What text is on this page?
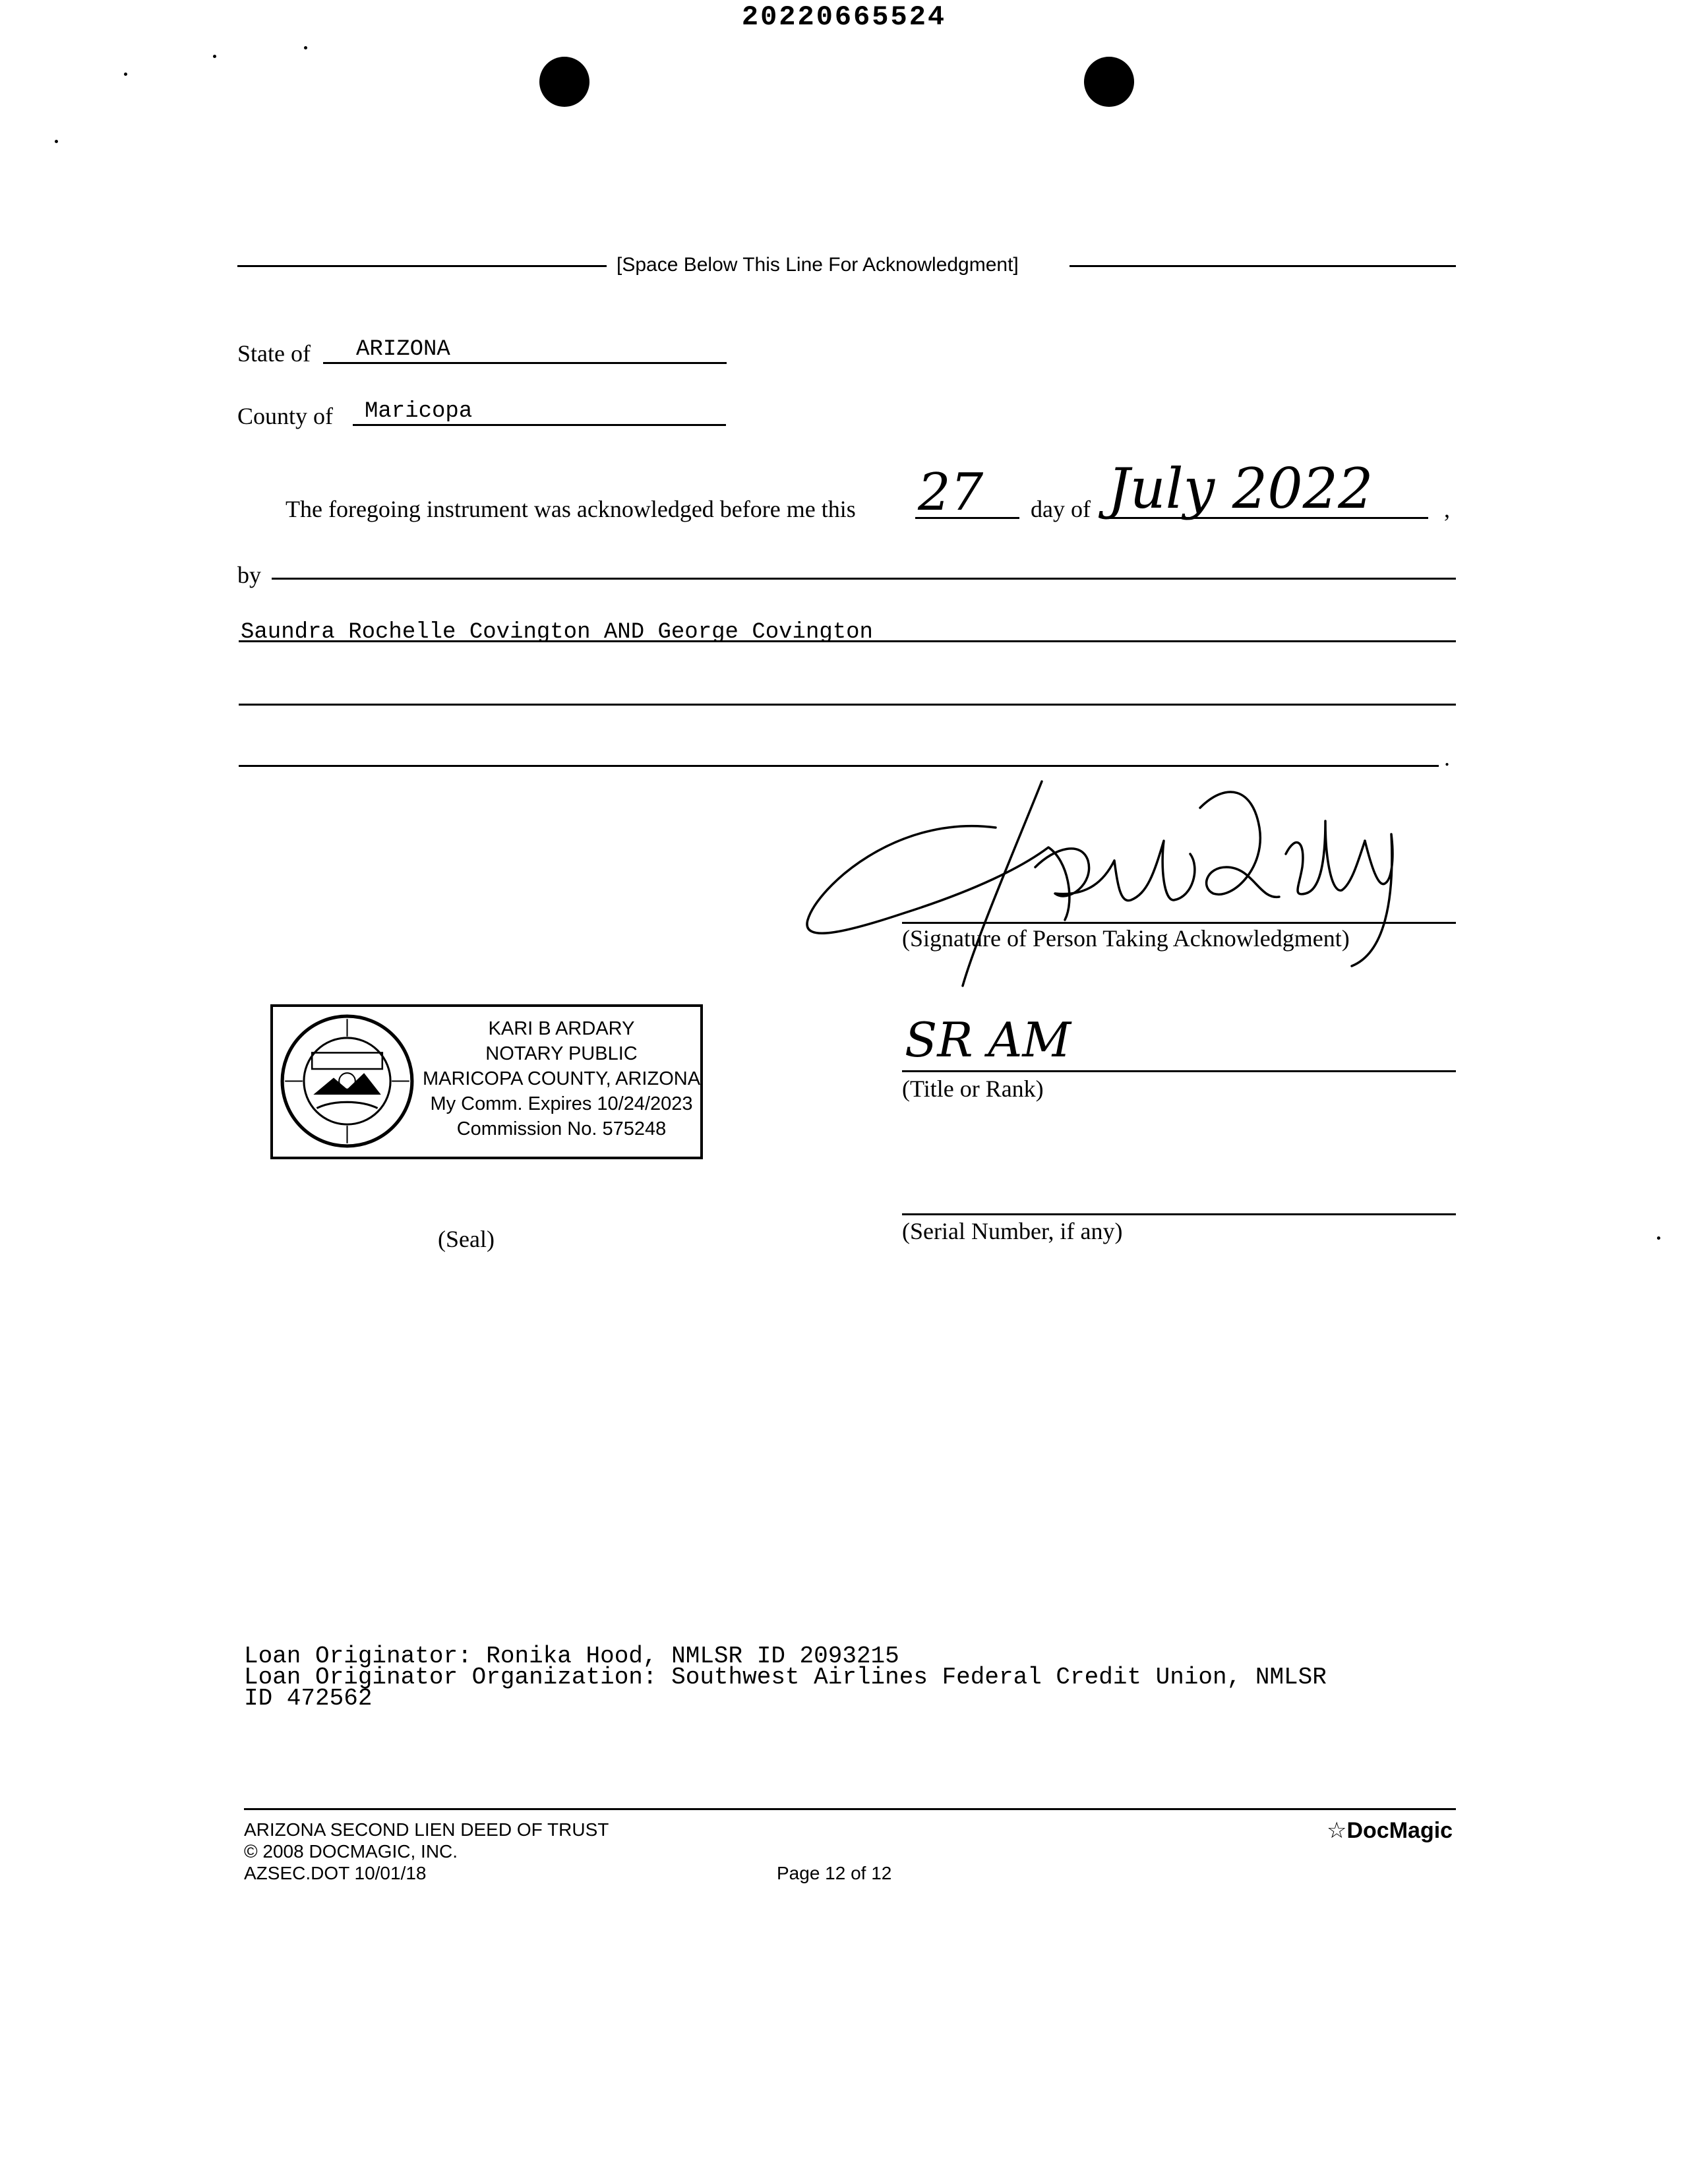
20220665524
[Space Below This Line For Acknowledgment]
State of ARIZONA
County of Maricopa
The foregoing instrument was acknowledged before me this 27 day of July 2022	,
by
Saundra Rochelle Covington AND George Covington
.
(Signature of Person Taking Acknowledgment)
SR AM
(Title or Rank)
KARI B ARDARY
NOTARY PUBLIC
MARICOPA COUNTY, ARIZONA
My Comm. Expires 10/24/2023
Commission No. 575248
(Serial Number, if any)
(Seal)
Loan Originator: Ronika Hood, NMLSR ID 2093215
Loan Originator Organization: Southwest Airlines Federal Credit Union, NMLSR
ID 472562
ARIZONA SECOND LIEN DEED OF TRUST
© 2008 DOCMAGIC, INC.
AZSEC.DOT 10/01/18	Page 12 of 12
☆DocMagic
